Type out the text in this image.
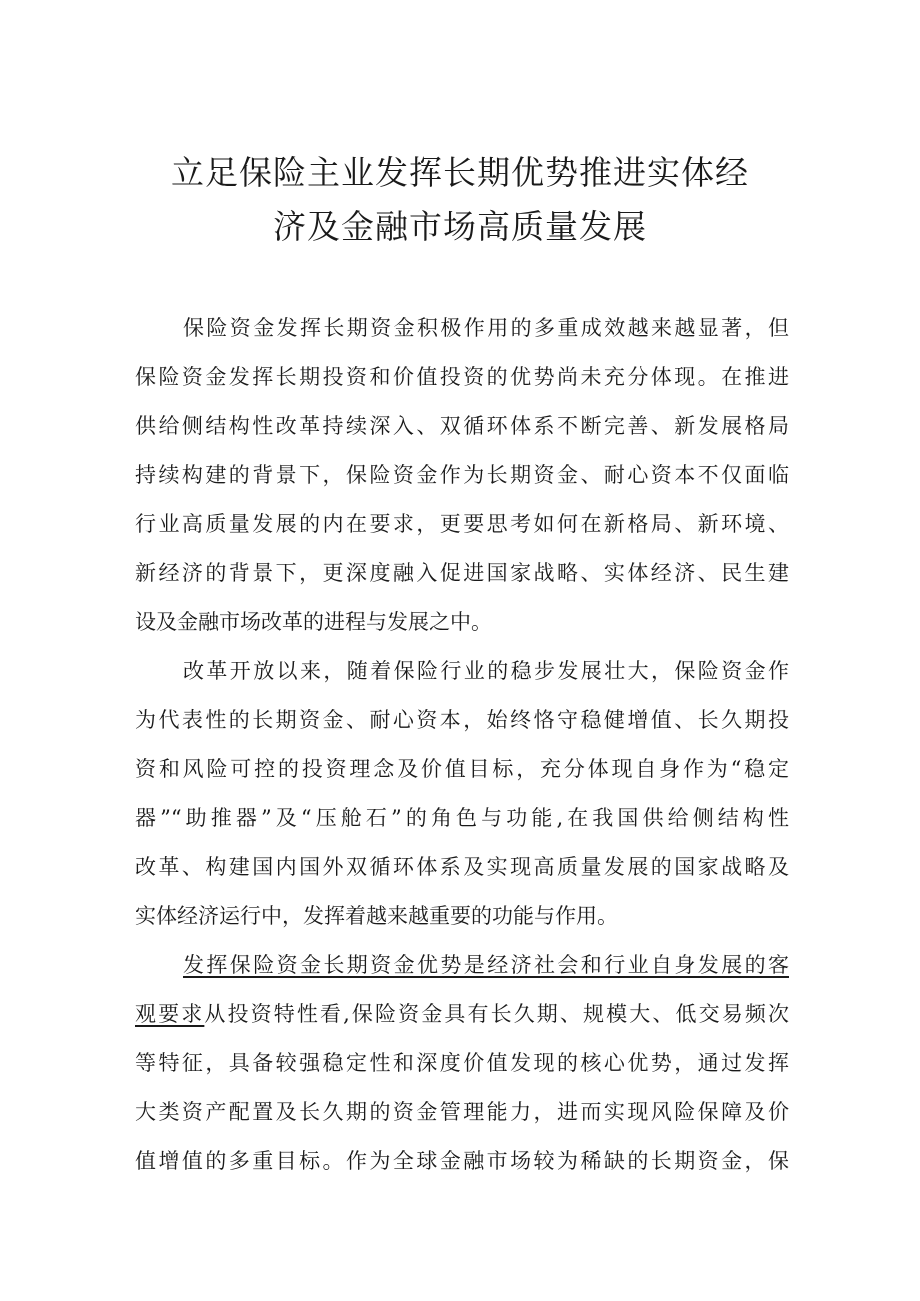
立足保险主业发挥长期优势推进实体经
济及金融市场高质量发展

保险资金发挥长期资金积极作用的多重成效越来越显著，但
保险资金发挥长期投资和价值投资的优势尚未充分体现。在推进
供给侧结构性改革持续深入、双循环体系不断完善、新发展格局
持续构建的背景下，保险资金作为长期资金、耐心资本不仅面临
行业高质量发展的内在要求，更要思考如何在新格局、新环境、
新经济的背景下，更深度融入促进国家战略、实体经济、民生建
设及金融市场改革的进程与发展之中。

改革开放以来，随着保险行业的稳步发展壮大，保险资金作
为代表性的长期资金、耐心资本，始终恪守稳健增值、长久期投
资和风险可控的投资理念及价值目标，充分体现自身作为“稳定
器”“助推器”及“压舱石”的角色与功能,在我国供给侧结构性
改革、构建国内国外双循环体系及实现高质量发展的国家战略及
实体经济运行中，发挥着越来越重要的功能与作用。

发挥保险资金长期资金优势是经济社会和行业自身发展的客
观要求从投资特性看,保险资金具有长久期、规模大、低交易频次
等特征，具备较强稳定性和深度价值发现的核心优势，通过发挥
大类资产配置及长久期的资金管理能力，进而实现风险保障及价
值增值的多重目标。作为全球金融市场较为稀缺的长期资金，保
